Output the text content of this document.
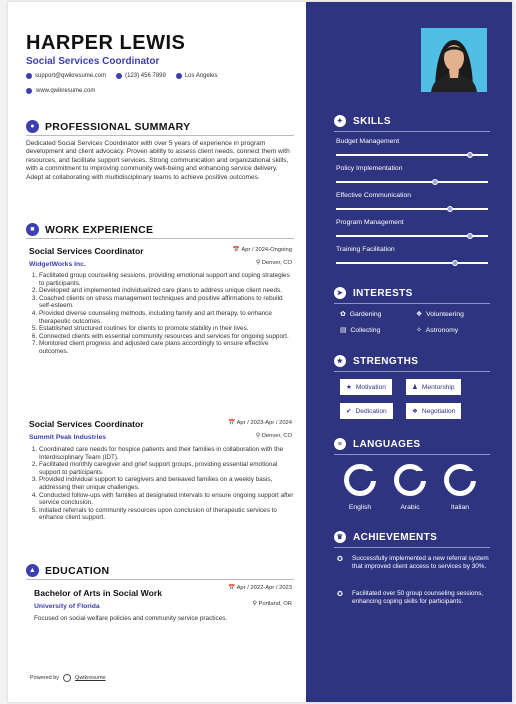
HARPER LEWIS
Social Services Coordinator
support@qwikresume.com	(123) 456 7899	Los Angeles
www.qwikresume.com
● PROFESSIONAL SUMMARY
Dedicated Social Services Coordinator with over 5 years of experience in program development and client advocacy. Proven ability to assess client needs, connect them with resources, and facilitate support services. Strong communication and organizational skills, with a commitment to improving community well-being and enhancing service delivery. Adept at collaborating with multidisciplinary teams to achieve positive outcomes.
■ WORK EXPERIENCE
Social Services Coordinator	📅 Apr / 2024-Ongoing
WidgetWorks Inc.	⚲ Denver, CO
1. Facilitated group counseling sessions, providing emotional support and coping strategies to participants.
2. Developed and implemented individualized care plans to address unique client needs.
3. Coached clients on stress management techniques and positive affirmations to rebuild self-esteem.
4. Provided diverse counseling methods, including family and art therapy, to enhance therapeutic outcomes.
5. Established structured routines for clients to promote stability in their lives.
6. Connected clients with essential community resources and services for ongoing support.
7. Monitored client progress and adjusted care plans accordingly to ensure effective outcomes.
Social Services Coordinator	📅 Apr / 2023-Apr / 2024
Summit Peak Industries	⚲ Denver, CO
1. Coordinated care needs for hospice patients and their families in collaboration with the Interdisciplinary Team (IDT).
2. Facilitated monthly caregiver and grief support groups, providing essential emotional support to participants.
3. Provided individual support to caregivers and bereaved families on a weekly basis, addressing their unique challenges.
4. Conducted follow-ups with families at designated intervals to ensure ongoing support after service conclusion.
5. Initiated referrals to community resources upon conclusion of therapeutic services to enhance client support.
▲ EDUCATION
Bachelor of Arts in Social Work	📅 Apr / 2022-Apr / 2023
University of Florida	⚲ Portland, OR
Focused on social welfare policies and community service practices.
Powered by	Qwikresume
✦ SKILLS
Budget Management
Policy Implementation
Effective Communication
Program Management
Training Facilitation
➤ INTERESTS
✿ Gardening	❖ Volunteering
▤ Collecting	✧ Astronomy
★ STRENGTHS
★ Motivation	♟ Mentorship
✔ Dedication	❖ Negotiation
≡	LANGUAGES
English	Arabic	Italian
♛ ACHIEVEMENTS
✪ Successfully implemented a new referral system that improved client access to services by 30%.
✪ Facilitated over 50 group counseling sessions, enhancing coping skills for participants.
